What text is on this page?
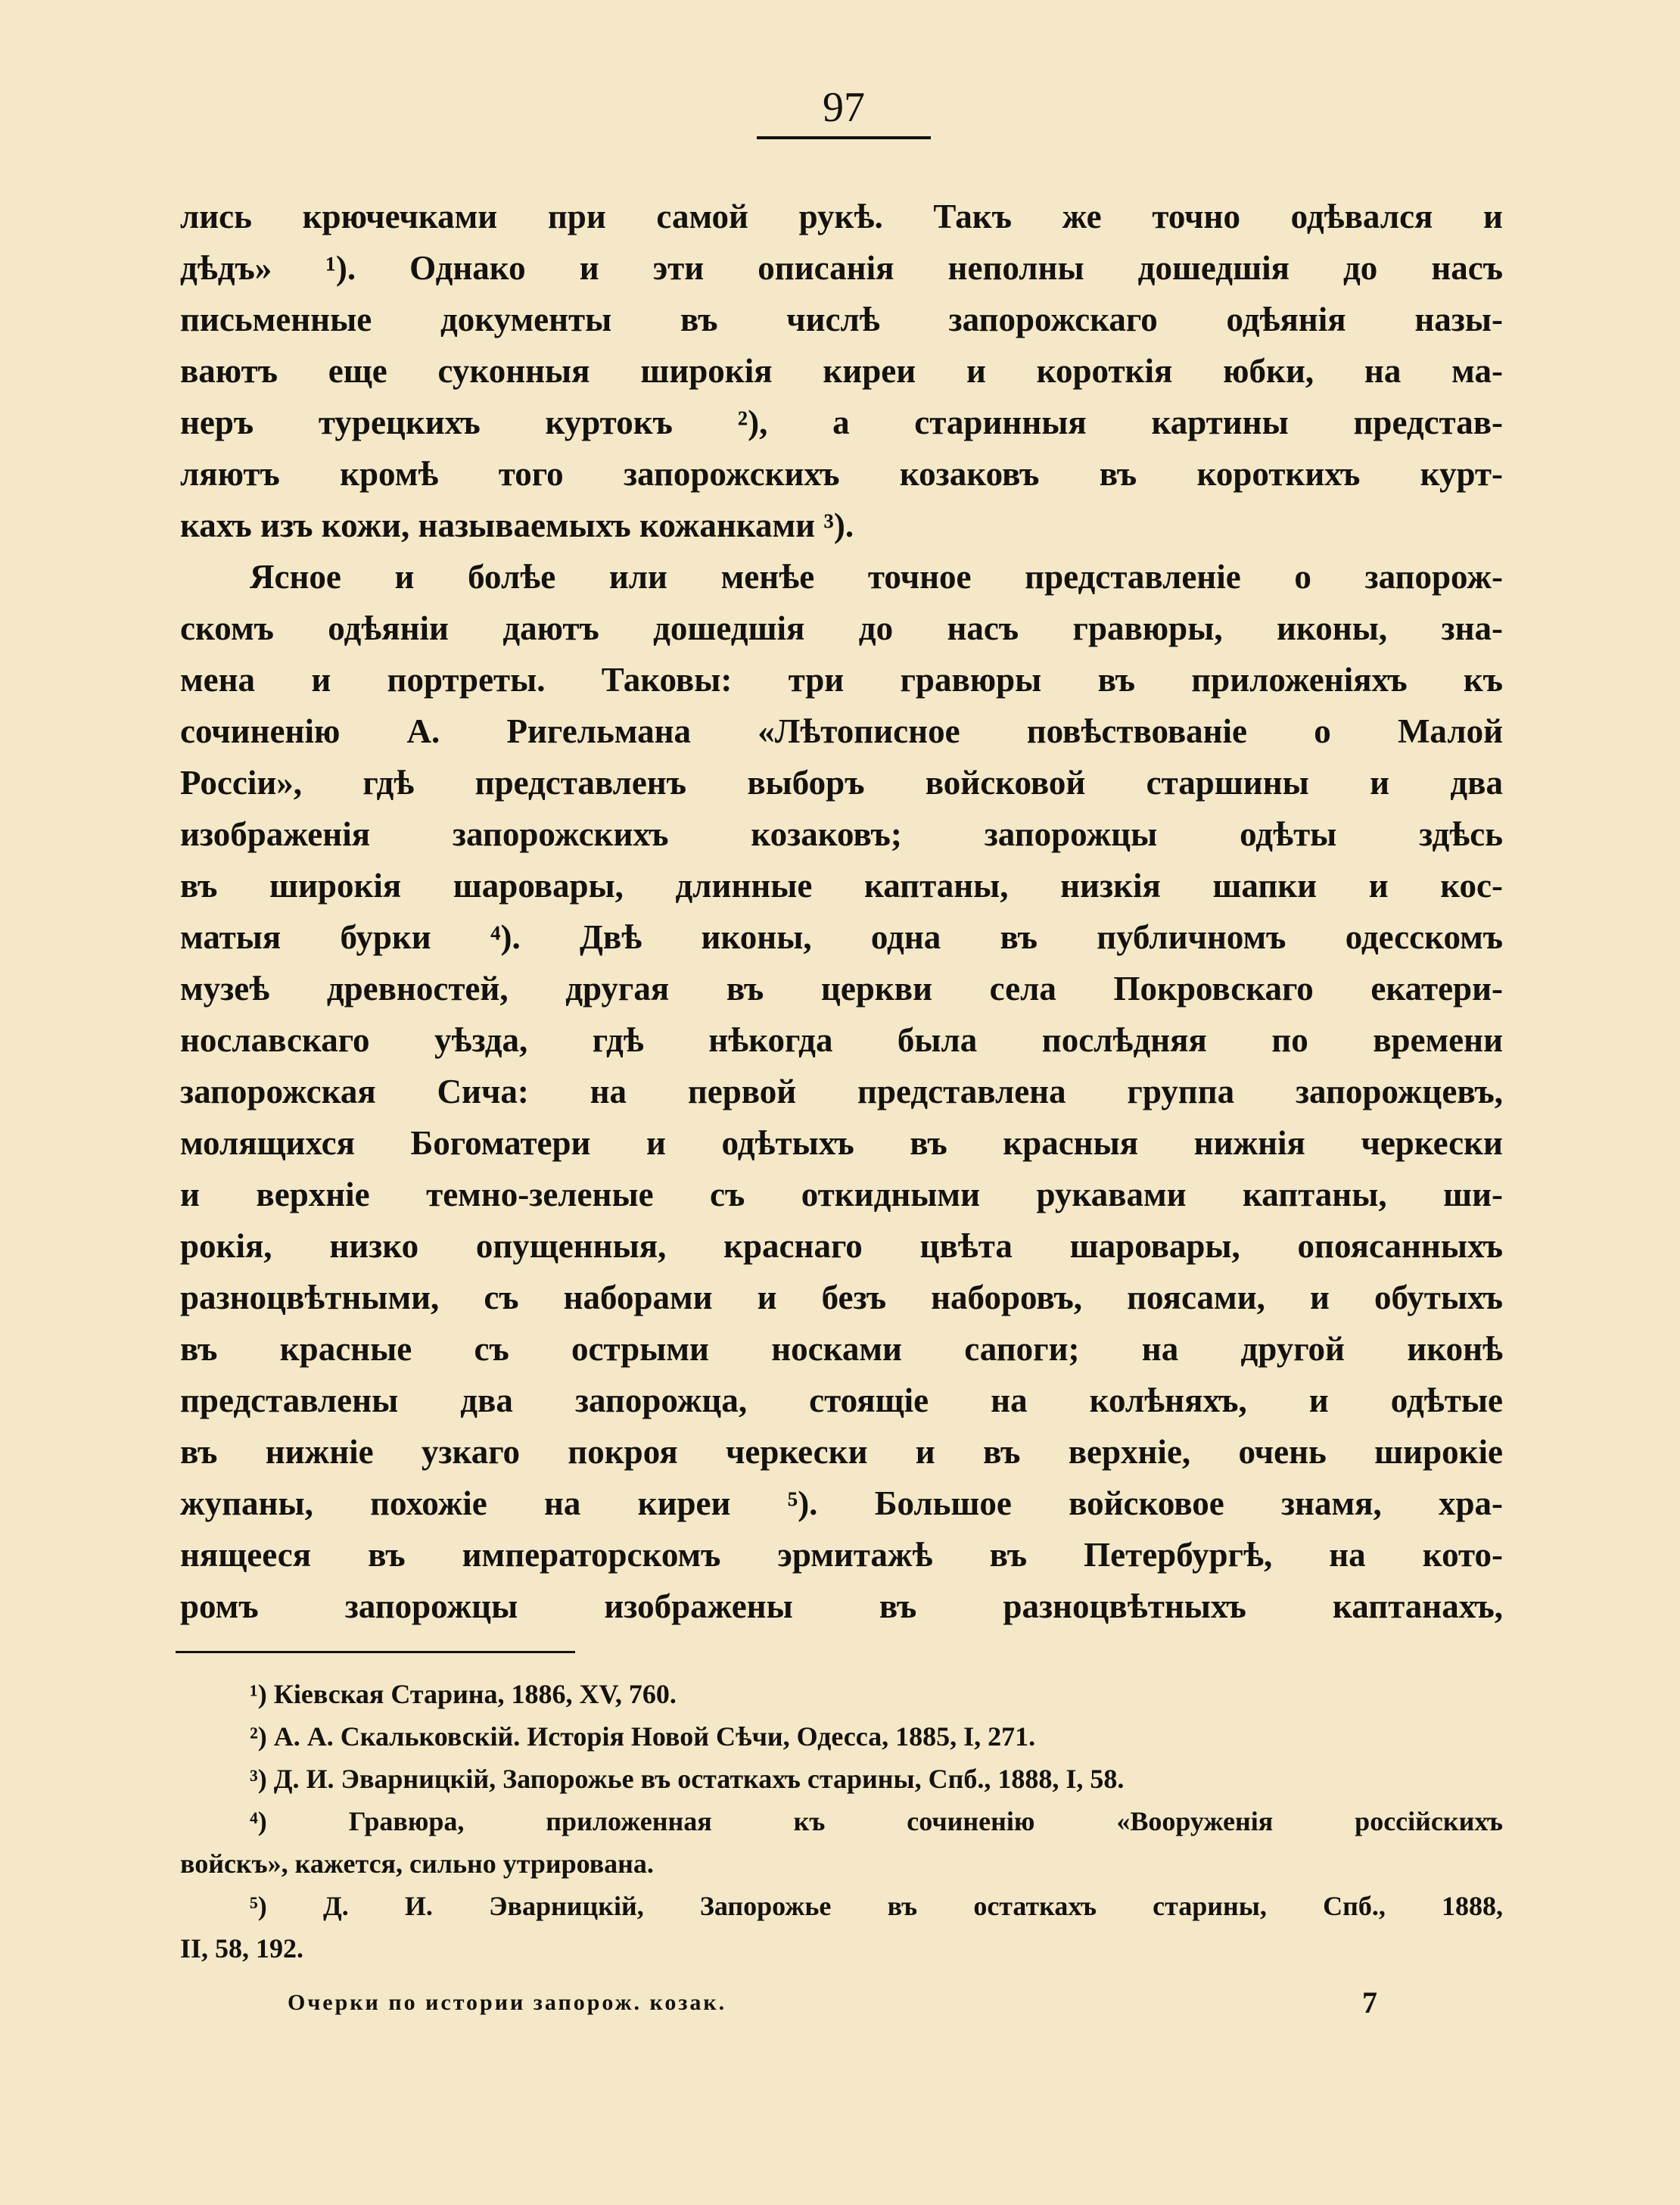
97
лись крючечками при самой рукѣ. Такъ же точно одѣвался и
дѣдъ» ¹). Однако и эти описанія неполны дошедшія до насъ
письменные документы въ числѣ запорожскаго одѣянія назы-
ваютъ еще суконныя широкія киреи и короткія юбки, на ма-
неръ турецкихъ куртокъ ²), а старинныя картины представ-
ляютъ кромѣ того запорожскихъ козаковъ въ короткихъ курт-
кахъ изъ кожи, называемыхъ кожанками ³).
Ясное и болѣе или менѣе точное представленіе о запорож-
скомъ одѣяніи даютъ дошедшія до насъ гравюры, иконы, зна-
мена и портреты. Таковы: три гравюры въ приложеніяхъ къ
сочиненію А. Ригельмана «Лѣтописное повѣствованіе о Малой
Россіи», гдѣ представленъ выборъ войсковой старшины и два
изображенія запорожскихъ козаковъ; запорожцы одѣты здѣсь
въ широкія шаровары, длинные каптаны, низкія шапки и кос-
матыя бурки ⁴). Двѣ иконы, одна въ публичномъ одесскомъ
музеѣ древностей, другая въ церкви села Покровскаго екатери-
нославскаго уѣзда, гдѣ нѣкогда была послѣдняя по времени
запорожская Сича: на первой представлена группа запорожцевъ,
молящихся Богоматери и одѣтыхъ въ красныя нижнія черкески
и верхніе темно-зеленые съ откидными рукавами каптаны, ши-
рокія, низко опущенныя, краснаго цвѣта шаровары, опоясанныхъ
разноцвѣтными, съ наборами и безъ наборовъ, поясами, и обутыхъ
въ красные съ острыми носками сапоги; на другой иконѣ
представлены два запорожца, стоящіе на колѣняхъ, и одѣтые
въ нижніе узкаго покроя черкески и въ верхніе, очень широкіе
жупаны, похожіе на киреи ⁵). Большое войсковое знамя, хра-
нящееся въ императорскомъ эрмитажѣ въ Петербургѣ, на кото-
ромъ запорожцы изображены въ разноцвѣтныхъ каптанахъ,
¹) Кіевская Старина, 1886, XV, 760.
²) А. А. Скальковскій. Исторія Новой Сѣчи, Одесса, 1885, I, 271.
³) Д. И. Эварницкій, Запорожье въ остаткахъ старины, Спб., 1888, I, 58.
⁴) Гравюра, приложенная къ сочиненію «Вооруженія россійскихъ
войскъ», кажется, сильно утрирована.
⁵) Д. И. Эварницкій, Запорожье въ остаткахъ старины, Спб., 1888,
II, 58, 192.
Очерки по истории запорож. козак.	7
